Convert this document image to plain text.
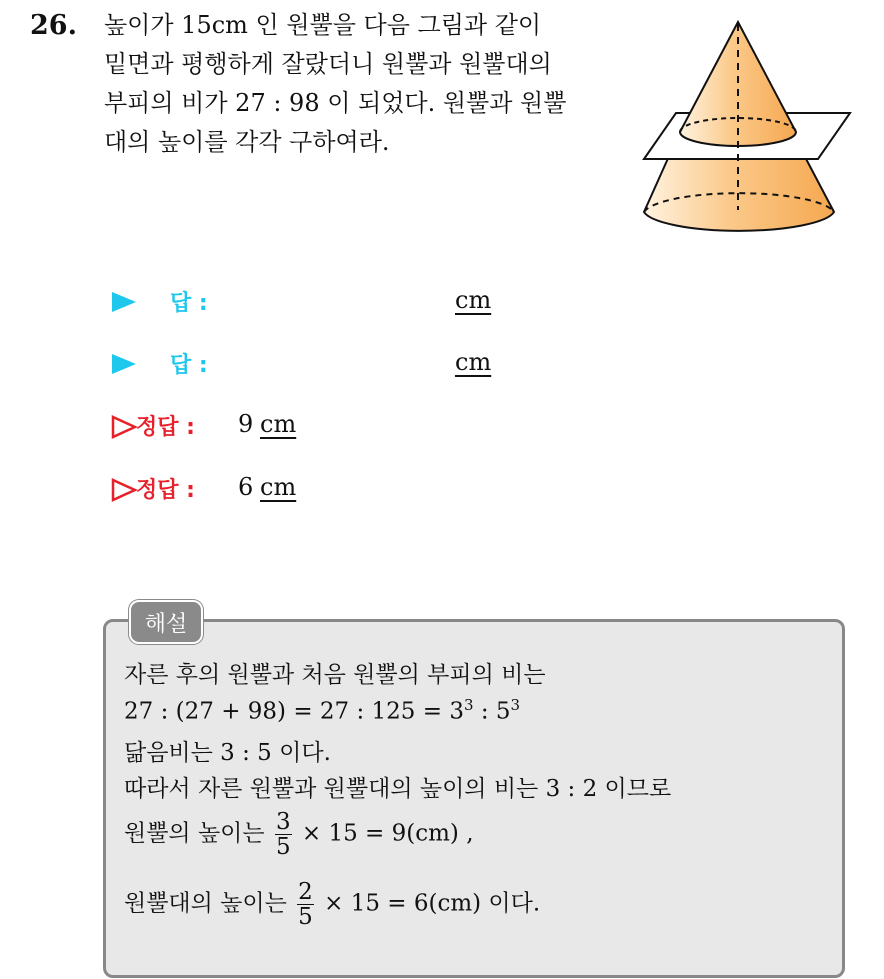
26. 높이가 15cm 인 원뿔을 다음 그림과 같이
밑면과 평행하게 잘랐더니 원뿔과 원뿔대의
부피의 비가 27 : 98 이 되었다. 원뿔과 원뿔
대의 높이를 각각 구하여라.
답 :	cm
답 :	cm
정답 : 9 cm
정답 : 6 cm
해설
자른 후의 원뿔과 처음 원뿔의 부피의 비는
27 : (27 + 98) = 27 : $125 = 3^3$ : $5^3$
닮음비는 3 : 5 이다.
따라서 자른 원뿔과 원뿔대의 높이의 비는 3 : 2 이므로
원뿔의 높이는 $\frac{3}{5} \times 15 = 9(cm)$ ,
원뿔대의 높이는 $\frac{2}{5} \times 15 = 6(cm)$ 이다.
